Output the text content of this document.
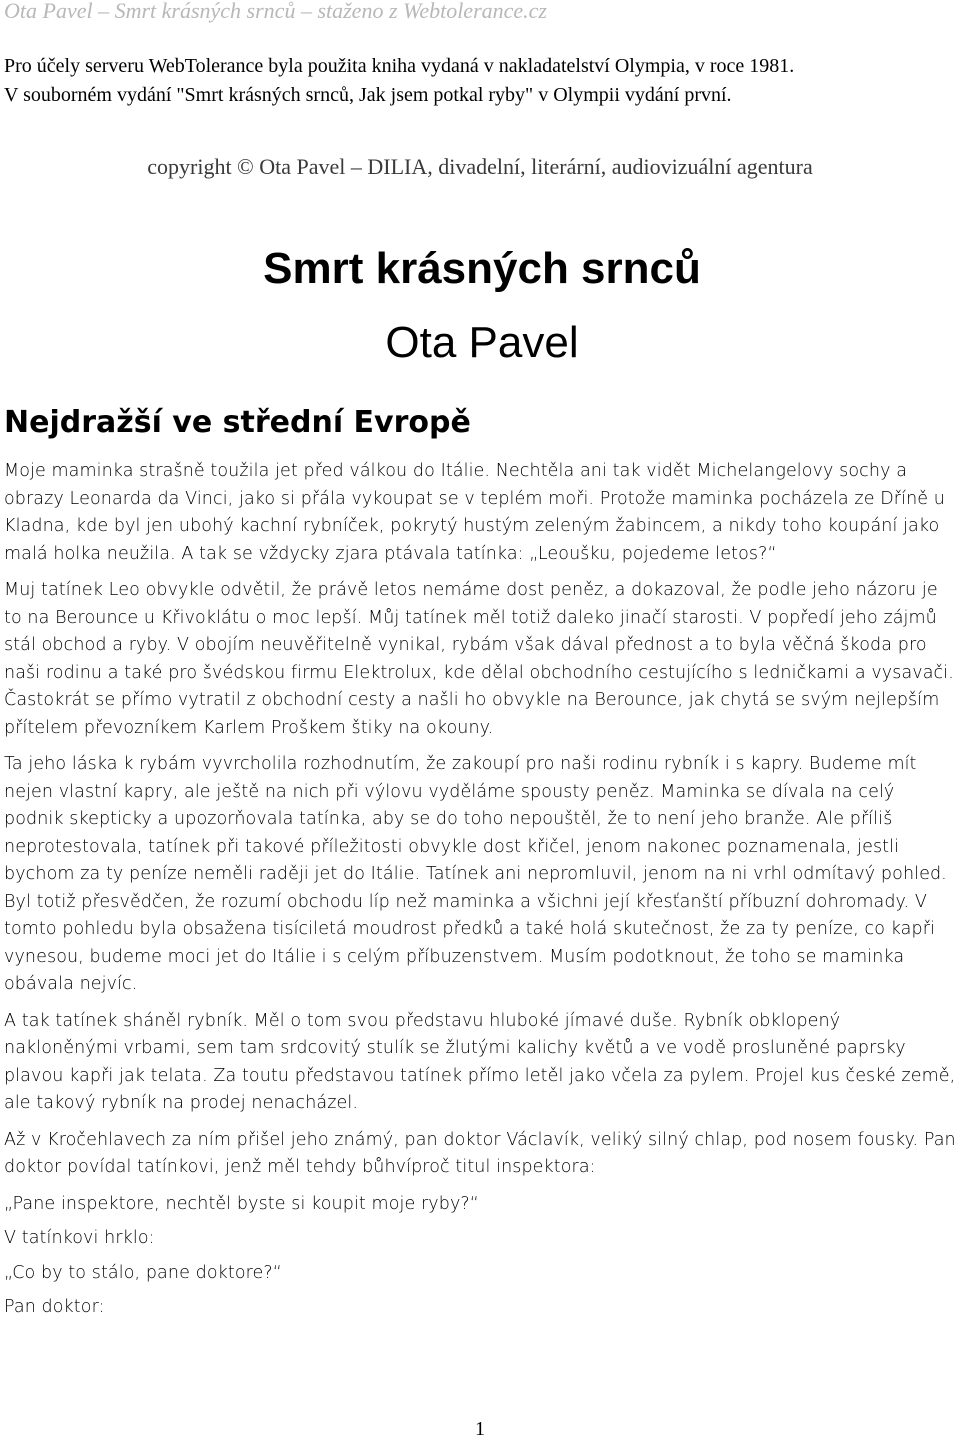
Ota Pavel – Smrt krásných srnců – staženo z Webtolerance.cz
Pro účely serveru WebTolerance byla použita kniha vydaná v nakladatelství Olympia, v roce 1981.
V souborném vydání "Smrt krásných srnců, Jak jsem potkal ryby" v Olympii vydání první.
copyright © Ota Pavel – DILIA, divadelní, literární, audiovizuální agentura
Smrt krásných srnců
Ota Pavel
Nejdražší ve střední Evropě

Moje maminka strašně toužila jet před válkou do Itálie. Nechtěla ani tak vidět Michelangelovy sochy a obrazy Leonarda da Vinci, jako si přála vykoupat se v teplém moři. Protože maminka pocházela ze Dříně u Kladna, kde byl jen ubohý kachní rybníček, pokrytý hustým zeleným žabincem, a nikdy toho koupání jako malá holka neužila. A tak se vždycky zjara ptávala tatínka: „Leoušku, pojedeme letos?“

Muj tatínek Leo obvykle odvětil, že právě letos nemáme dost peněz, a dokazoval, že podle jeho názoru je to na Berounce u Křivoklátu o moc lepší. Můj tatínek měl totiž daleko jinačí starosti. V popředí jeho zájmů stál obchod a ryby. V obojím neuvěřitelně vynikal, rybám však dával přednost a to byla věčná škoda pro naši rodinu a také pro švédskou firmu Elektrolux, kde dělal obchodního cestujícího s ledničkami a vysavači. Častokrát se přímo vytratil z obchodní cesty a našli ho obvykle na Berounce, jak chytá se svým nejlepším přítelem převozníkem Karlem Proškem štiky na okouny.

Ta jeho láska k rybám vyvrcholila rozhodnutím, že zakoupí pro naši rodinu rybník i s kapry. Budeme mít nejen vlastní kapry, ale ještě na nich při výlovu vyděláme spousty peněz. Maminka se dívala na celý podnik skepticky a upozorňovala tatínka, aby se do toho nepouštěl, že to není jeho branže. Ale příliš neprotestovala, tatínek při takové příležitosti obvykle dost křičel, jenom nakonec poznamenala, jestli bychom za ty peníze neměli raději jet do Itálie. Tatínek ani nepromluvil, jenom na ni vrhl odmítavý pohled. Byl totiž přesvědčen, že rozumí obchodu líp než maminka a všichni její křesťanští příbuzní dohromady. V tomto pohledu byla obsažena tisíciletá moudrost předků a také holá skutečnost, že za ty peníze, co kapři vynesou, budeme moci jet do Itálie i s celým příbuzenstvem. Musím podotknout, že toho se maminka obávala nejvíc.

A tak tatínek sháněl rybník. Měl o tom svou představu hluboké jímavé duše. Rybník obklopený nakloněnými vrbami, sem tam srdcovitý stulík se žlutými kalichy květů a ve vodě prosluněné paprsky plavou kapři jak telata. Za toutu představou tatínek přímo letěl jako včela za pylem. Projel kus české země, ale takový rybník na prodej nenacházel.

Až v Kročehlavech za ním přišel jeho známý, pan doktor Václavík, veliký silný chlap, pod nosem fousky. Pan doktor povídal tatínkovi, jenž měl tehdy bůhvíproč titul inspektora:

„Pane inspektore, nechtěl byste si koupit moje ryby?“

V tatínkovi hrklo:

„Co by to stálo, pane doktore?“

Pan doktor:

1
